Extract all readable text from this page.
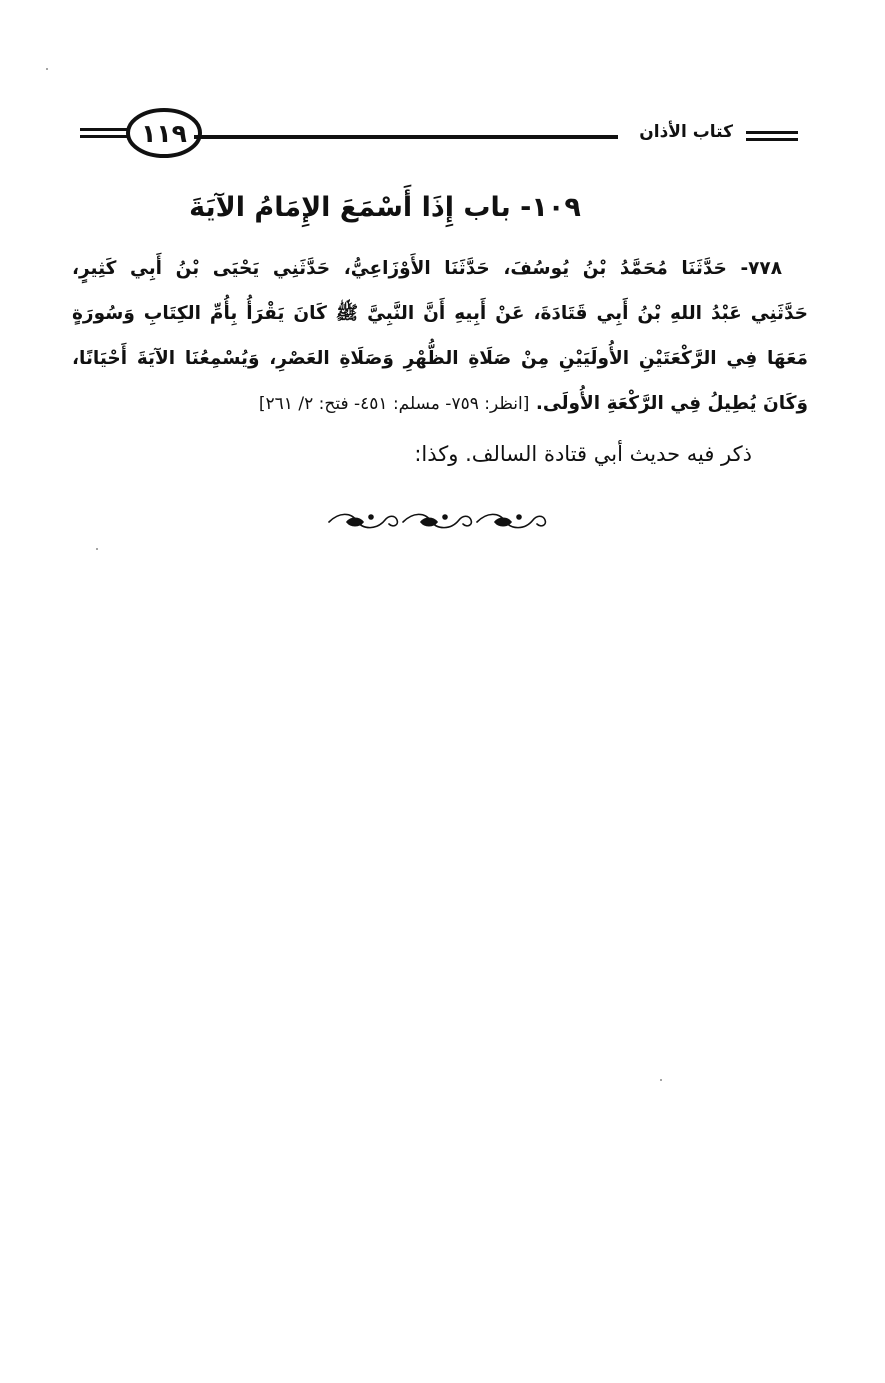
١١٩	كتاب الأذان
١٠٩- باب إِذَا أَسْمَعَ الإِمَامُ الآيَةَ
٧٧٨- حَدَّثَنَا مُحَمَّدُ بْنُ يُوسُفَ، حَدَّثَنَا الأَوْزَاعِيُّ، حَدَّثَنِي يَحْيَى بْنُ أَبِي كَثِيرٍ،
حَدَّثَنِي عَبْدُ اللهِ بْنُ أَبِي قَتَادَةَ، عَنْ أَبِيهِ أَنَّ النَّبِيَّ ﷺ كَانَ يَقْرَأُ بِأُمِّ الكِتَابِ وَسُورَةٍ
مَعَهَا فِي الرَّكْعَتَيْنِ الأُولَيَيْنِ مِنْ صَلَاةِ الظُّهْرِ وَصَلَاةِ العَصْرِ، وَيُسْمِعُنَا الآيَةَ أَحْيَانًا،
وَكَانَ يُطِيلُ فِي الرَّكْعَةِ الأُولَى. [انظر: ٧٥٩- مسلم: ٤٥١- فتح: ٢/ ٢٦١]
ذكر فيه حديث أبي قتادة السالف. وكذا:
